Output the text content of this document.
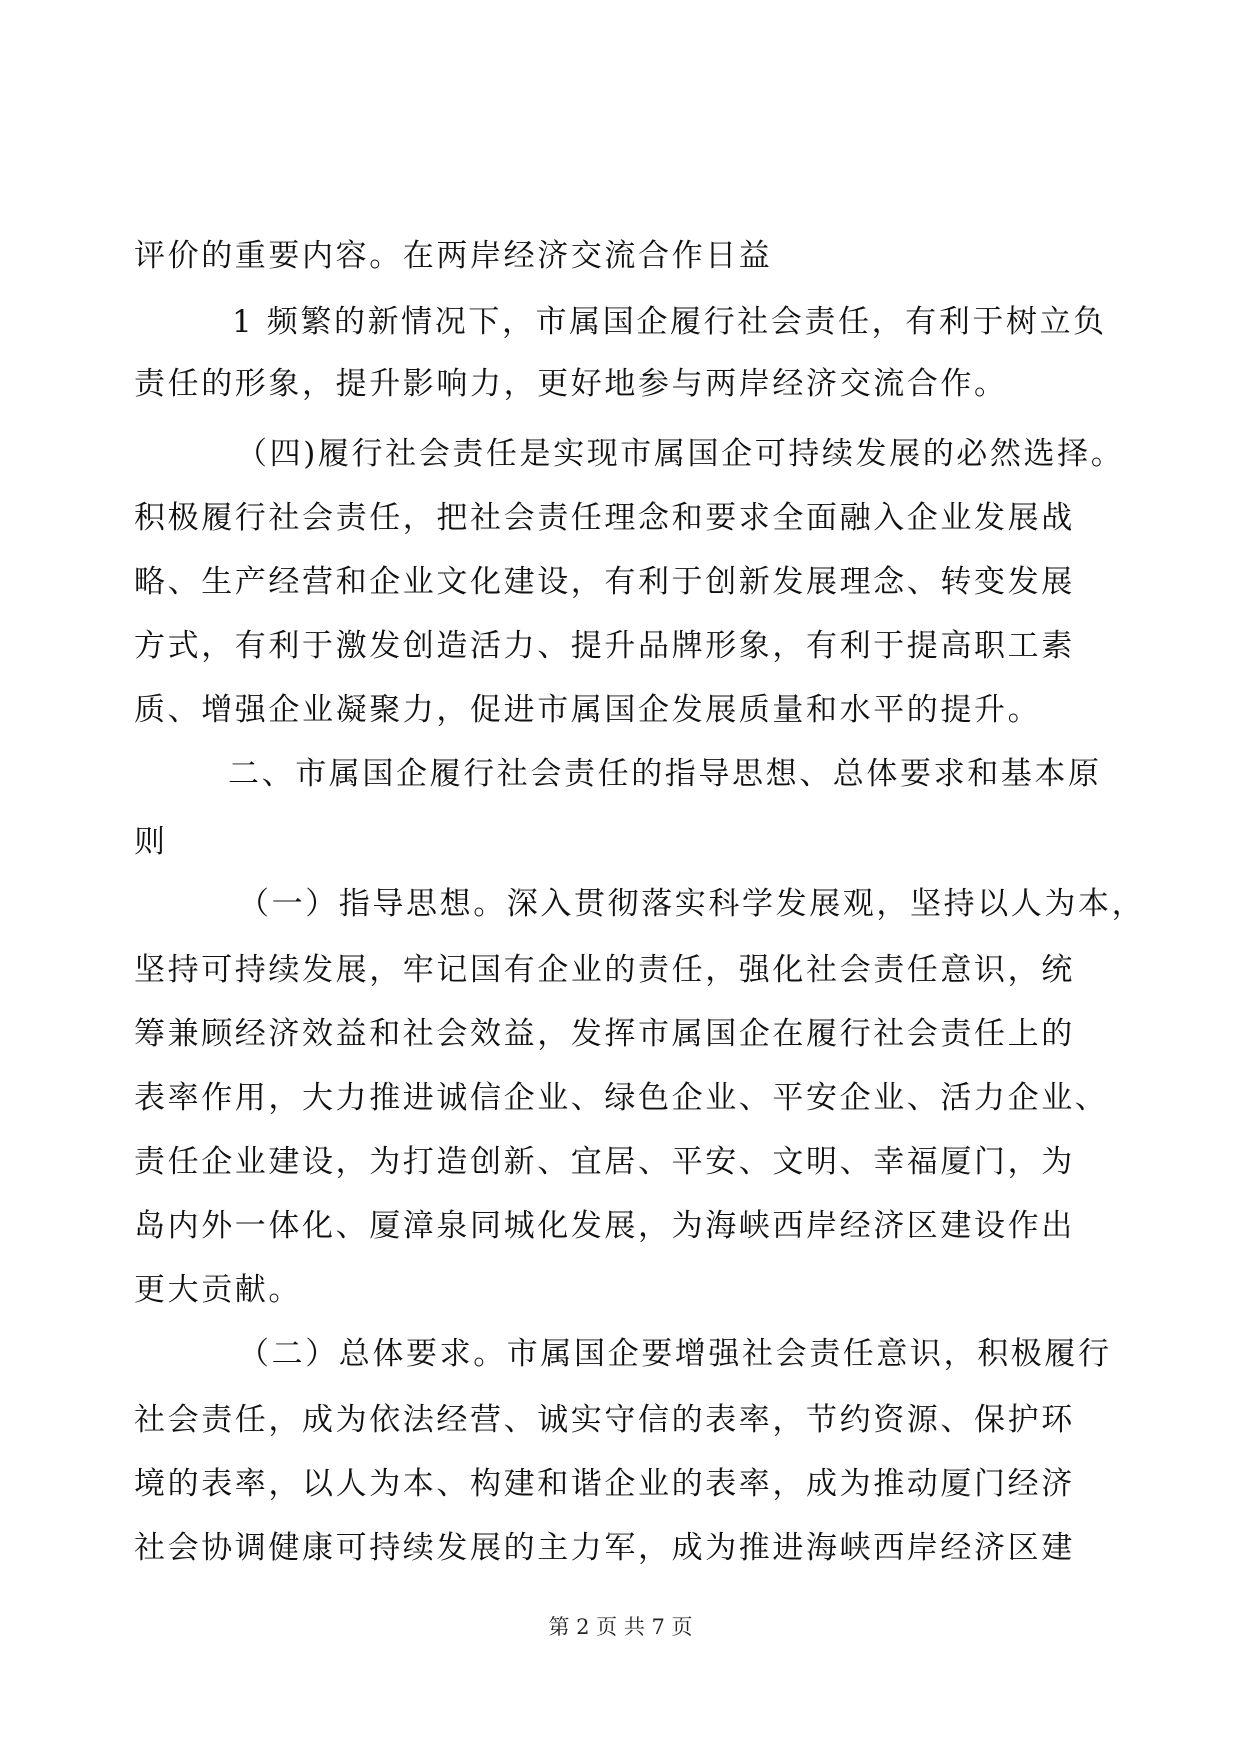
评价的重要内容。在两岸经济交流合作日益
1 频繁的新情况下，市属国企履行社会责任，有利于树立负
责任的形象，提升影响力，更好地参与两岸经济交流合作。
（四)履行社会责任是实现市属国企可持续发展的必然选择。
积极履行社会责任，把社会责任理念和要求全面融入企业发展战
略、生产经营和企业文化建设，有利于创新发展理念、转变发展
方式，有利于激发创造活力、提升品牌形象，有利于提高职工素
质、增强企业凝聚力，促进市属国企发展质量和水平的提升。
二、市属国企履行社会责任的指导思想、总体要求和基本原
则
（一）指导思想。深入贯彻落实科学发展观，坚持以人为本，
坚持可持续发展，牢记国有企业的责任，强化社会责任意识，统
筹兼顾经济效益和社会效益，发挥市属国企在履行社会责任上的
表率作用，大力推进诚信企业、绿色企业、平安企业、活力企业、
责任企业建设，为打造创新、宜居、平安、文明、幸福厦门，为
岛内外一体化、厦漳泉同城化发展，为海峡西岸经济区建设作出
更大贡献。
（二）总体要求。市属国企要增强社会责任意识，积极履行
社会责任，成为依法经营、诚实守信的表率，节约资源、保护环
境的表率，以人为本、构建和谐企业的表率，成为推动厦门经济
社会协调健康可持续发展的主力军，成为推进海峡西岸经济区建
第 2 页 共 7 页
